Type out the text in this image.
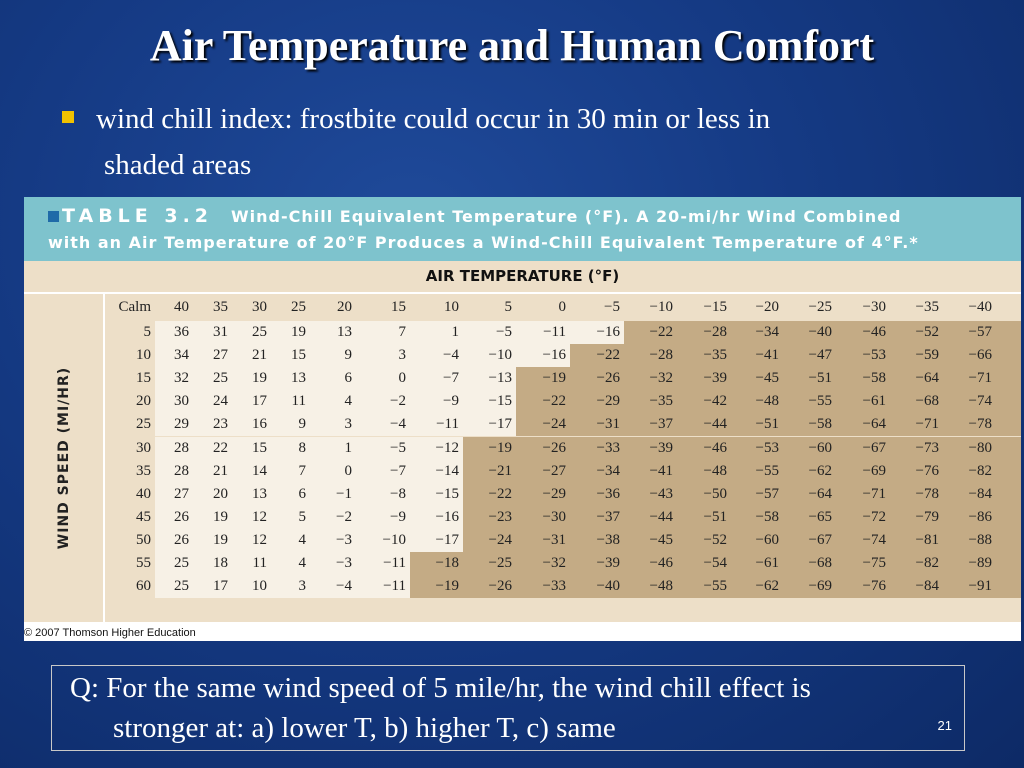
Air Temperature and Human Comfort
wind chill index: frostbite could occur in 30 min or less in
shaded areas
TABLE 3.2 Wind-Chill Equivalent Temperature (°F). A 20-mi/hr Wind Combined
with an Air Temperature of 20°F Produces a Wind-Chill Equivalent Temperature of 4°F.*
AIR TEMPERATURE (°F)
WIND SPEED (MI/HR)
Calm	40	35	30	25	20	15	10	5	0	−5	−10	−15	−20	−25	−30	−35	−40
5	36	31	25	19	13	7	1	−5	−11	−16	−22	−28	−34	−40	−46	−52	−57
10	34	27	21	15	9	3	−4	−10	−16	−22	−28	−35	−41	−47	−53	−59	−66
15	32	25	19	13	6	0	−7	−13	−19	−26	−32	−39	−45	−51	−58	−64	−71
20	30	24	17	11	4	−2	−9	−15	−22	−29	−35	−42	−48	−55	−61	−68	−74
25	29	23	16	9	3	−4	−11	−17	−24	−31	−37	−44	−51	−58	−64	−71	−78
30	28	22	15	8	1	−5	−12	−19	−26	−33	−39	−46	−53	−60	−67	−73	−80
35	28	21	14	7	0	−7	−14	−21	−27	−34	−41	−48	−55	−62	−69	−76	−82
40	27	20	13	6	−1	−8	−15	−22	−29	−36	−43	−50	−57	−64	−71	−78	−84
45	26	19	12	5	−2	−9	−16	−23	−30	−37	−44	−51	−58	−65	−72	−79	−86
50	26	19	12	4	−3	−10	−17	−24	−31	−38	−45	−52	−60	−67	−74	−81	−88
55	25	18	11	4	−3	−11	−18	−25	−32	−39	−46	−54	−61	−68	−75	−82	−89
60	25	17	10	3	−4	−11	−19	−26	−33	−40	−48	−55	−62	−69	−76	−84	−91
© 2007 Thomson Higher Education
Q: For the same wind speed of 5 mile/hr, the wind chill effect is
stronger at: a) lower T, b) higher T, c) same	21
